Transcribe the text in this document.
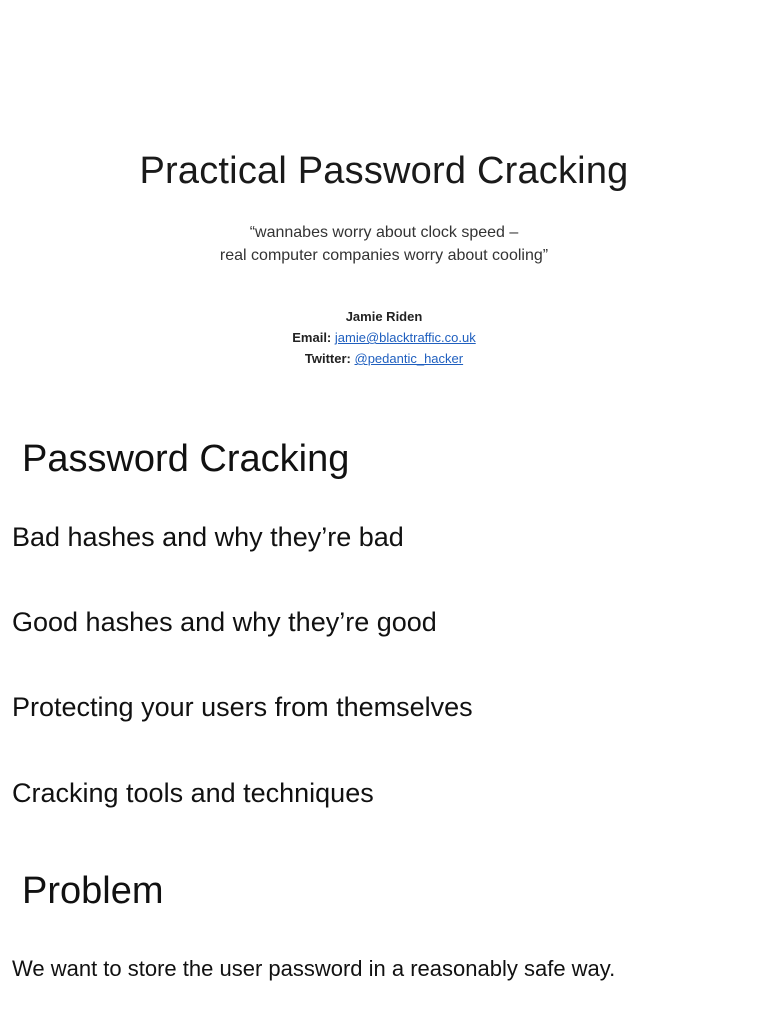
Practical Password Cracking
“wannabes worry about clock speed –
real computer companies worry about cooling”
Jamie Riden
Email: jamie@blacktraffic.co.uk
Twitter: @pedantic_hacker
Password Cracking
Bad hashes and why they’re bad
Good hashes and why they’re good
Protecting your users from themselves
Cracking tools and techniques
Problem
We want to store the user password in a reasonably safe way.
